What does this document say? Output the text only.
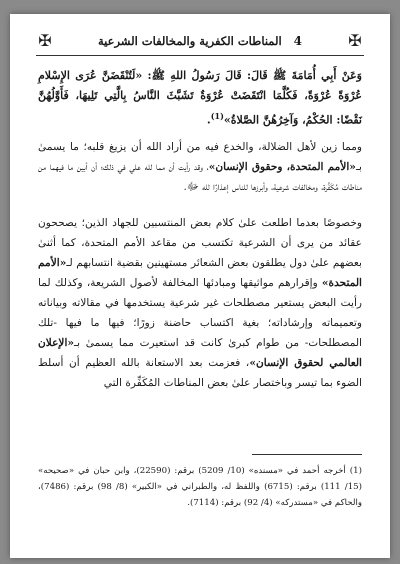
✠
4 المناطات الكفرية والمخالفات الشرعية
✠

وَعَنْ أَبِي أُمَامَةَ ﷺ قَالَ: قَالَ رَسُولُ اللهِ ﷺ: «لَتُنْقَضَنَّ عُرَى الإِسْلامِ عُرْوَةً عُرْوَةً، فَكُلَّمَا انْتَقَضَتْ عُرْوَةٌ تَشَبَّثَ النَّاسُ بِالَّتِي تَلِيهَا، فَأَوَّلُهُنَّ نَقْضًا: الحُكْمُ، وَآخِرُهُنَّ الصَّلاةُ»$^{(1)}$.

ومما زين لأهل الضلالة، والخدع فيه من أراد الله أن يزيغ قلبه؛ ما يسمىٰ بـ«الأمم المتحدة، وحقوق الإنسان»، وقد رأيت أن مما لله علي في ذلك؛ أن أبين ما فيهما من مناطات مُكَفِّرة، ومخالفات شرعية، وأبرزها للناس إعذارًا لله ﷻ.

وخصوصًا بعدما اطلعت علىٰ كلام بعض المنتسبين للجهاد الذين؛ يصححون عقائد من يرى أن الشرعية تكتسب من مقاعد الأمم المتحدة، كما أثنىٰ بعضهم علىٰ دول يطلقون بعض الشعائر مستهينين بقضية انتسابهم لـ«الأمم المتحدة» وإقرارهم مواثيقها ومبادئها المخالفة لأصول الشريعة، وكذلك لما رأيت البعض يستعير مصطلحات غير شرعية يستخدمها في مقالاته وبياناته وتعميماته وإرشاداته؛ بغية اكتساب حاضنة زورًا؛ فيها ما فيها -تلك المصطلحات- من طوام كبرىٰ كانت قد استعيرت مما يسمىٰ بـ«الإعلان العالمي لحقوق الإنسان»، فعزمت بعد الاستعانة بالله العظيم أن أسلط الضوء بما تيسر وباختصار علىٰ بعض المناطات المُكَفِّرة التي

(1) أخرجه أحمد في «مسنده» (10/ 5209) برقم: (22590)، وابن حبان في «صحيحه» (15/ 111) برقم: (6715) واللفظ له، والطبراني في «الكبير» (8/ 98) برقم: (7486)، والحاكم في «مستدركه» (4/ 92) برقم: (7114).
